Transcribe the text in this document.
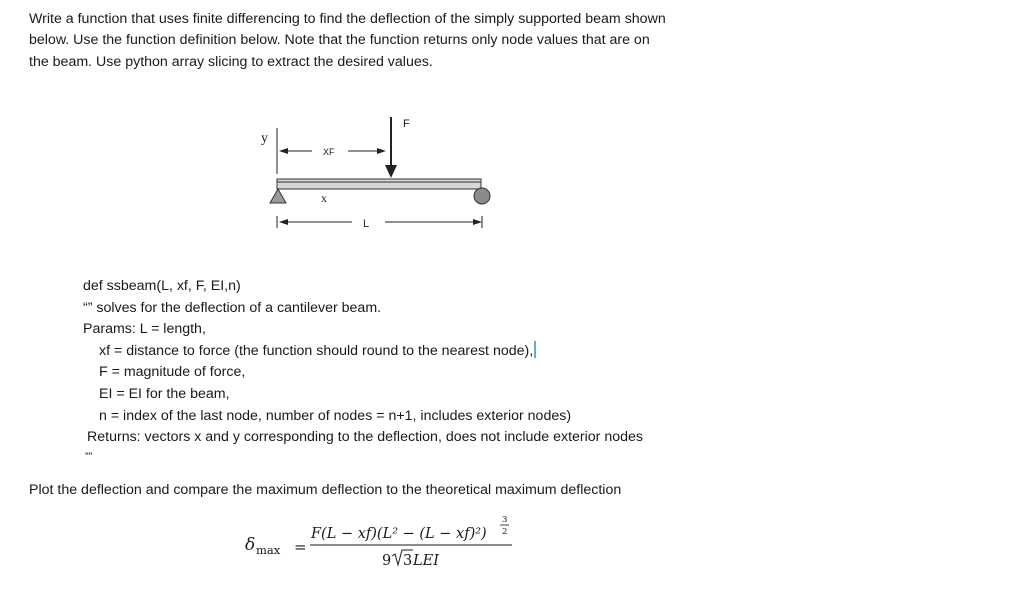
Write a function that uses finite differencing to find the deflection of the simply supported beam shown
below. Use the function definition below. Note that the function returns only node values that are on
the beam. Use python array slicing to extract the desired values.
y
XF
F
x
L
def ssbeam(L, xf, F, EI,n)
“” solves for the deflection of a cantilever beam.
Params: L = length,
xf = distance to force (the function should round to the nearest node),
F = magnitude of force,
EI = EI for the beam,
n = index of the last node, number of nodes = n+1, includes exterior nodes)
Returns: vectors x and y corresponding to the deflection, does not include exterior nodes
””
Plot the deflection and compare the maximum deflection to the theoretical maximum deflection
δ max =
F(L − xf)(L² − (L − xf)²)
3
2
9 3 LEI
